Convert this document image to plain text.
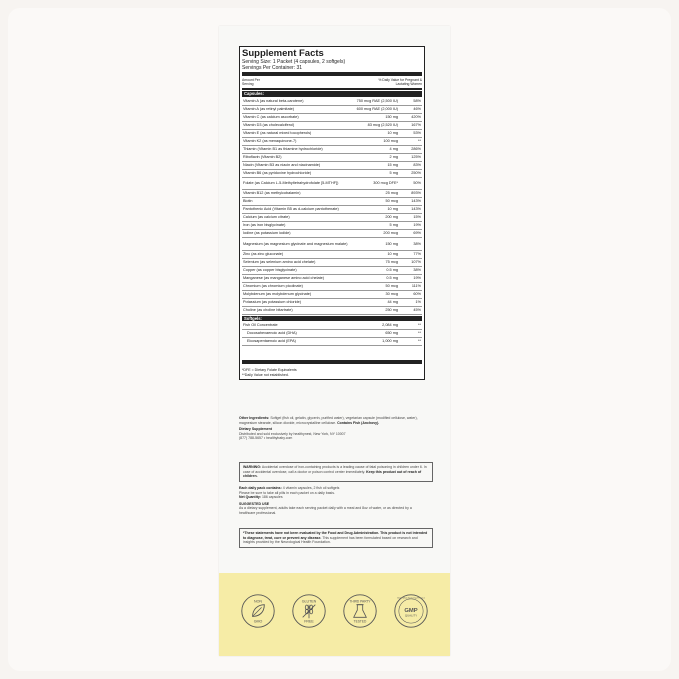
Supplement Facts
Serving Size: 1 Packet (4 capsules, 2 softgels)
Servings Per Container: 31
Amount Per Serving
% Daily Value for Pregnant & Lactating Women
Capsules:
Vitamin A (as natural beta-carotene)	750 mcg RAE (2,500 IU)	58%
Vitamin A (as retinyl palmitate)	600 mcg RAE (2,000 IU)	46%
Vitamin C (as calcium ascorbate)	150 mg	420%
Vitamin D3 (as cholecalciferol)	83 mcg (2,520 IU)	167%
Vitamin E (as natural mixed tocopherols)	10 mg	53%
Vitamin K2 (as menaquinone-7)	100 mcg	**
Thiamin (Vitamin B1 as thiamine hydrochloride)	4 mg	286%
Riboflavin (Vitamin B2)	2 mg	125%
Niacin (Vitamin B3 as niacin and niacinamide)	15 mg	83%
Vitamin B6 (as pyridoxine hydrochloride)	5 mg	250%
Folate (as Calcium L-5-Methyltetrahydrofolate [5-MTHF])	300 mcg DFE*	50%
Vitamin B12 (as methylcobalamin)	25 mcg	893%
Biotin	50 mcg	143%
Pantothenic Acid (Vitamin B5 as d-calcium pantothenate)	10 mg	143%
Calcium (as calcium citrate)	200 mg	15%
Iron (as iron bisglycinate)	5 mg	19%
Iodine (as potassium iodide)	200 mcg	69%
Magnesium (as magnesium glycinate and magnesium malate)	150 mg	38%
Zinc (as zinc gluconate)	10 mg	77%
Selenium (as selenium amino acid chelate)	75 mcg	107%
Copper (as copper bisglycinate)	0.5 mg	38%
Manganese (as manganese amino acid chelate)	0.5 mg	19%
Chromium (as chromium picolinate)	50 mcg	111%
Molybdenum (as molybdenum glycinate)	30 mcg	60%
Potassium (as potassium chloride)	44 mg	1%
Choline (as choline bitartrate)	250 mg	45%
Softgels:
Fish Oil Concentrate	2,084 mg	**
Docosahexaenoic acid (DHA)	650 mg	**
Eicosapentaenoic acid (EPA)	1,000 mg	**
*DFE = Dietary Folate Equivalents
**Daily Value not established.
Other Ingredients: Softgel (fish oil, gelatin, glycerin, purified water), vegetarian capsule (modified cellulose, water), magnesium stearate, silicon dioxide, microcrystalline cellulose. Contains Fish (Anchovy).
Dietary Supplement
Distributed and sold exclusively by healthynest, New York, NY 10007
(877) 788-5657 • healthybaby.com
WARNING: Accidental overdose of iron-containing products is a leading cause of fatal poisoning in children under 6. In case of accidental overdose, call a doctor or poison control center immediately. Keep this product out of reach of children.
Each daily pack contains: 4 vitamin capsules, 2 fish oil softgels
Please be sure to take all pills in each packet on a daily basis.
Net Quantity: 186 capsules
SUGGESTED USE
As a dietary supplement, adults take each serving packet daily with a meal and 8oz of water, or as directed by a healthcare professional.
*These statements have not been evaluated by the Food and Drug Administration. This product is not intended to diagnose, treat, cure or prevent any disease. This supplement has been formulated based on research and insights provided by the Neurological Health Foundation.
NON
GMO
GLUTEN
FREE
THIRD PARTY
TESTED
Good Manufacturing Practice
GMP
QUALITY
